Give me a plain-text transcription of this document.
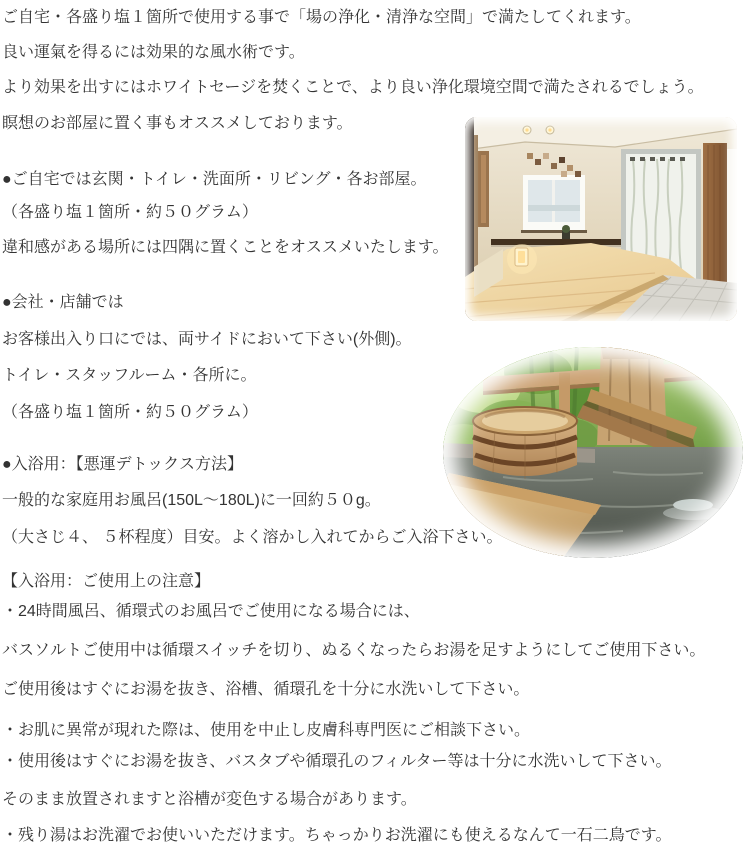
ご自宅・各盛り塩１箇所で使用する事で「場の浄化・清浄な空間」で満たしてくれます。

良い運氣を得るには効果的な風水術です。

より効果を出すにはホワイトセージを焚くことで、より良い浄化環境空間で満たされるでしょう。

瞑想のお部屋に置く事もオススメしております。

●ご自宅では玄関・トイレ・洗面所・リビング・各お部屋。

（各盛り塩１箇所・約５０グラム）

違和感がある場所には四隅に置くことをオススメいたします。

●会社・店舗では

お客様出入り口にでは、両サイドにおいて下さい(外側)。

トイレ・スタッフルーム・各所に。

（各盛り塩１箇所・約５０グラム）

●入浴用：【悪運デトックス方法】

一般的な家庭用お風呂(150L～180L)に一回約５０g。

（大さじ４、 ５杯程度）目安。よく溶かし入れてからご入浴下さい。

【入浴用：ご使用上の注意】

・24時間風呂、循環式のお風呂でご使用になる場合には、

バスソルトご使用中は循環スイッチを切り、ぬるくなったらお湯を足すようにしてご使用下さい。

ご使用後はすぐにお湯を抜き、浴槽、循環孔を十分に水洗いして下さい。

・お肌に異常が現れた際は、使用を中止し皮膚科専門医にご相談下さい。

・使用後はすぐにお湯を抜き、バスタブや循環孔のフィルター等は十分に水洗いして下さい。

そのまま放置されますと浴槽が変色する場合があります。

・残り湯はお洗濯でお使いいただけます。ちゃっかりお洗濯にも使えるなんて一石二鳥です。
